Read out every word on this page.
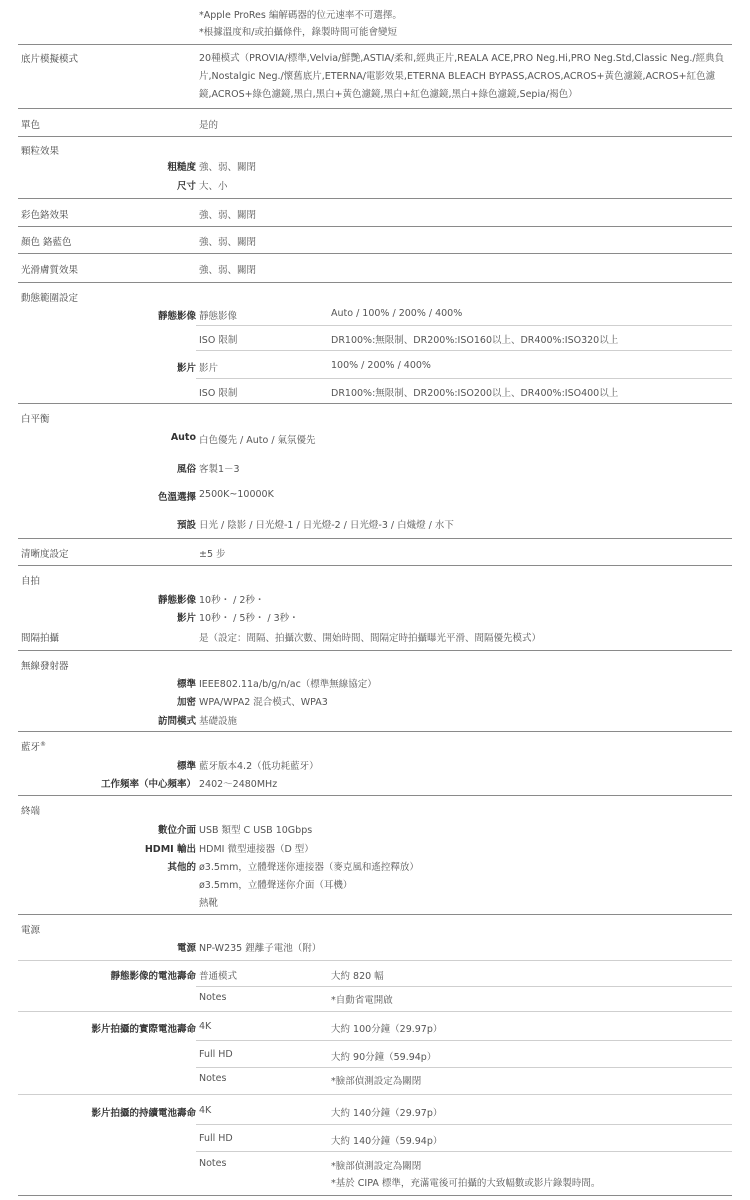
*Apple ProRes 編解碼器的位元速率不可選擇。
*根據溫度和/或拍攝條件，錄製時間可能會變短
底片模擬模式	20種模式（PROVIA/標準,Velvia/鮮艷,ASTIA/柔和,經典正片,REALA ACE,PRO Neg.Hi,PRO Neg.Std,Classic Neg./經典負片,Nostalgic Neg./懷舊底片,ETERNA/電影效果,ETERNA BLEACH BYPASS,ACROS,ACROS+黃色濾鏡,ACROS+紅色濾鏡,ACROS+綠色濾鏡,黑白,黑白+黃色濾鏡,黑白+紅色濾鏡,黑白+綠色濾鏡,Sepia/褐色）
單色	是的
顆粒效果
粗糙度 強、弱、關閉
尺寸 大、小
彩色鉻效果	強、弱、關閉
顏色 鉻藍色	強、弱、關閉
光滑膚質效果	強、弱、關閉
動態範圍設定
靜態影像 靜態影像	Auto / 100% / 200% / 400%
ISO 限制	DR100%:無限制、DR200%:ISO160以上、DR400%:ISO320以上
影片 影片	100% / 200% / 400%
ISO 限制	DR100%:無限制、DR200%:ISO200以上、DR400%:ISO400以上
白平衡
Auto 白色優先 / Auto / 氣氛優先
風俗 客製1－3
色溫選擇 2500K~10000K
預設 日光 / 陰影 / 日光燈-1 / 日光燈-2 / 日光燈-3 / 白熾燈 / 水下
清晰度設定	±5 步
自拍
靜態影像 10秒・ / 2秒・
影片 10秒・ / 5秒・ / 3秒・
間隔拍攝	是（設定：間隔、拍攝次數、開始時間、間隔定時拍攝曝光平滑、間隔優先模式）
無線發射器
標準 IEEE802.11a/b/g/n/ac（標準無線協定）
加密 WPA/WPA2 混合模式、WPA3
訪問模式 基礎設施
藍牙®
標準 藍牙版本4.2（低功耗藍牙）
工作頻率（中心頻率） 2402～2480MHz
終端
數位介面 USB 類型 C USB 10Gbps
HDMI 輸出 HDMI 微型連接器（D 型）
其他的 ø3.5mm，立體聲迷你連接器（麥克風和遙控釋放）
ø3.5mm，立體聲迷你介面（耳機）
熱靴
電源
電源 NP-W235 鋰離子電池（附）
靜態影像的電池壽命 普通模式	大約 820 幅
Notes	*自動省電開啟
影片拍攝的實際電池壽命 4K	大約 100分鐘（29.97p）
Full HD	大約 90分鐘（59.94p）
Notes	*臉部偵測設定為關閉
影片拍攝的持續電池壽命 4K	大約 140分鐘（29.97p）
Full HD	大約 140分鐘（59.94p）
Notes	*臉部偵測設定為關閉
*基於 CIPA 標準，充滿電後可拍攝的大致幅數或影片錄製時間。
